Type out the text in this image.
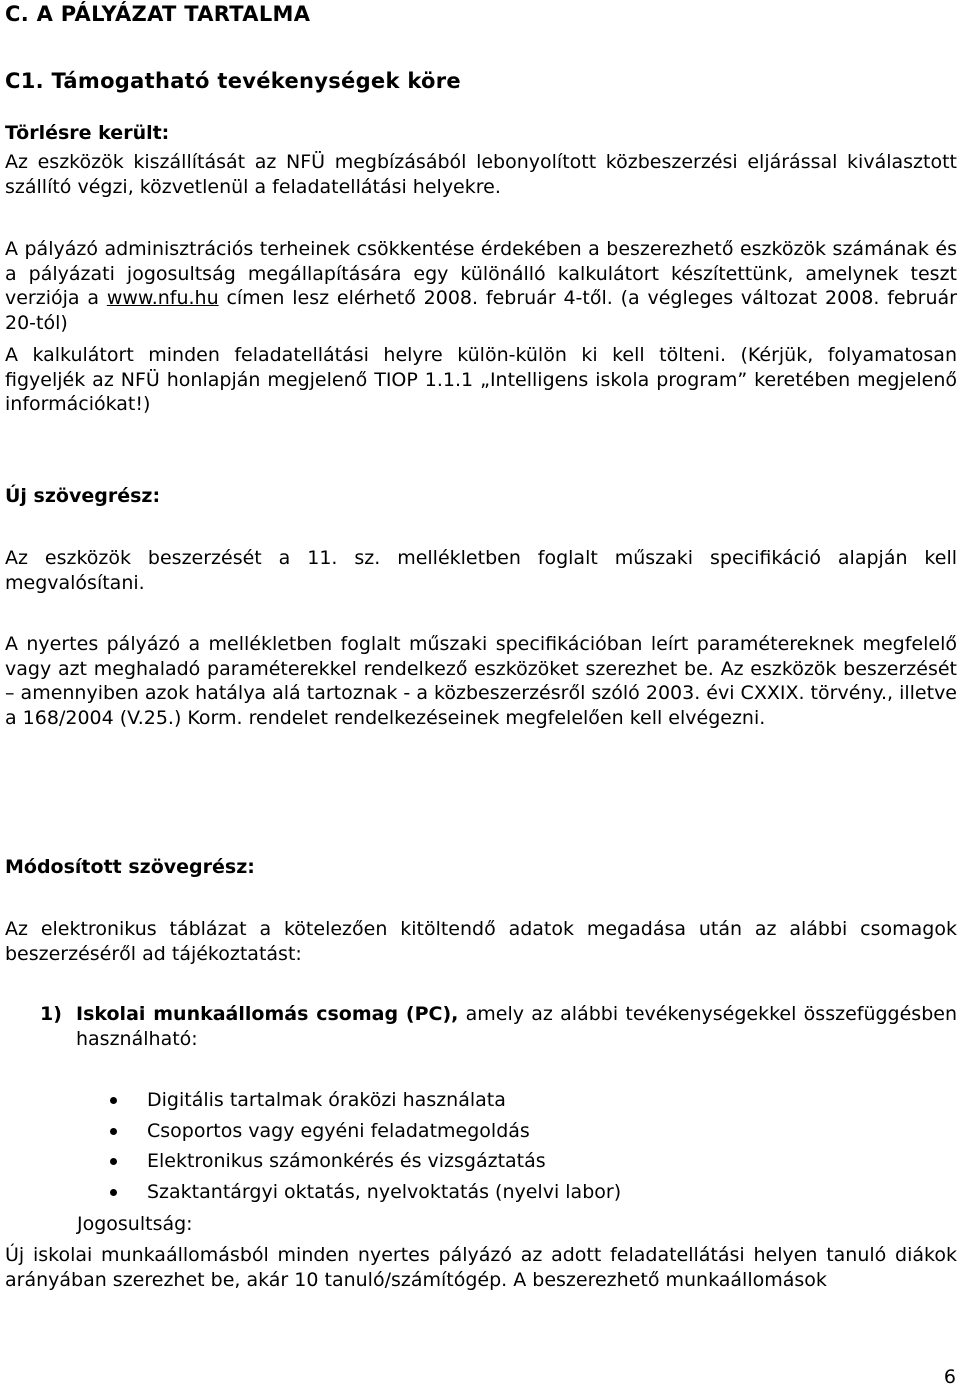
C. A PÁLYÁZAT TARTALMA
C1. Támogatható tevékenységek köre
Törlésre került:
Az eszközök kiszállítását az NFÜ megbízásából lebonyolított közbeszerzési eljárással kiválasztott szállító végzi, közvetlenül a feladatellátási helyekre.
A pályázó adminisztrációs terheinek csökkentése érdekében a beszerezhető eszközök számának és a pályázati jogosultság megállapítására egy különálló kalkulátort készítettünk, amelynek teszt verziója a www.nfu.hu címen lesz elérhető 2008. február 4-től. (a végleges változat 2008. február 20-tól)
A kalkulátort minden feladatellátási helyre külön-külön ki kell tölteni. (Kérjük, folyamatosan figyeljék az NFÜ honlapján megjelenő TIOP 1.1.1 „Intelligens iskola program” keretében megjelenő információkat!)
Új szövegrész:
Az eszközök beszerzését a 11. sz. mellékletben foglalt műszaki specifikáció alapján kell megvalósítani.
A nyertes pályázó a mellékletben foglalt műszaki specifikációban leírt paramétereknek megfelelő vagy azt meghaladó paraméterekkel rendelkező eszközöket szerezhet be. Az eszközök beszerzését – amennyiben azok hatálya alá tartoznak - a közbeszerzésről szóló 2003. évi CXXIX. törvény., illetve a 168/2004 (V.25.) Korm. rendelet rendelkezéseinek megfelelően kell elvégezni.
Módosított szövegrész:
Az elektronikus táblázat a kötelezően kitöltendő adatok megadása után az alábbi csomagok beszerzéséről ad tájékoztatást:
1) Iskolai munkaállomás csomag (PC), amely az alábbi tevékenységekkel összefüggésben használható:
Digitális tartalmak óraközi használata
Csoportos vagy egyéni feladatmegoldás
Elektronikus számonkérés és vizsgáztatás
Szaktantárgyi oktatás, nyelvoktatás (nyelvi labor)
Jogosultság:
Új iskolai munkaállomásból minden nyertes pályázó az adott feladatellátási helyen tanuló diákok arányában szerezhet be, akár 10 tanuló/számítógép. A beszerezhető munkaállomások
6
